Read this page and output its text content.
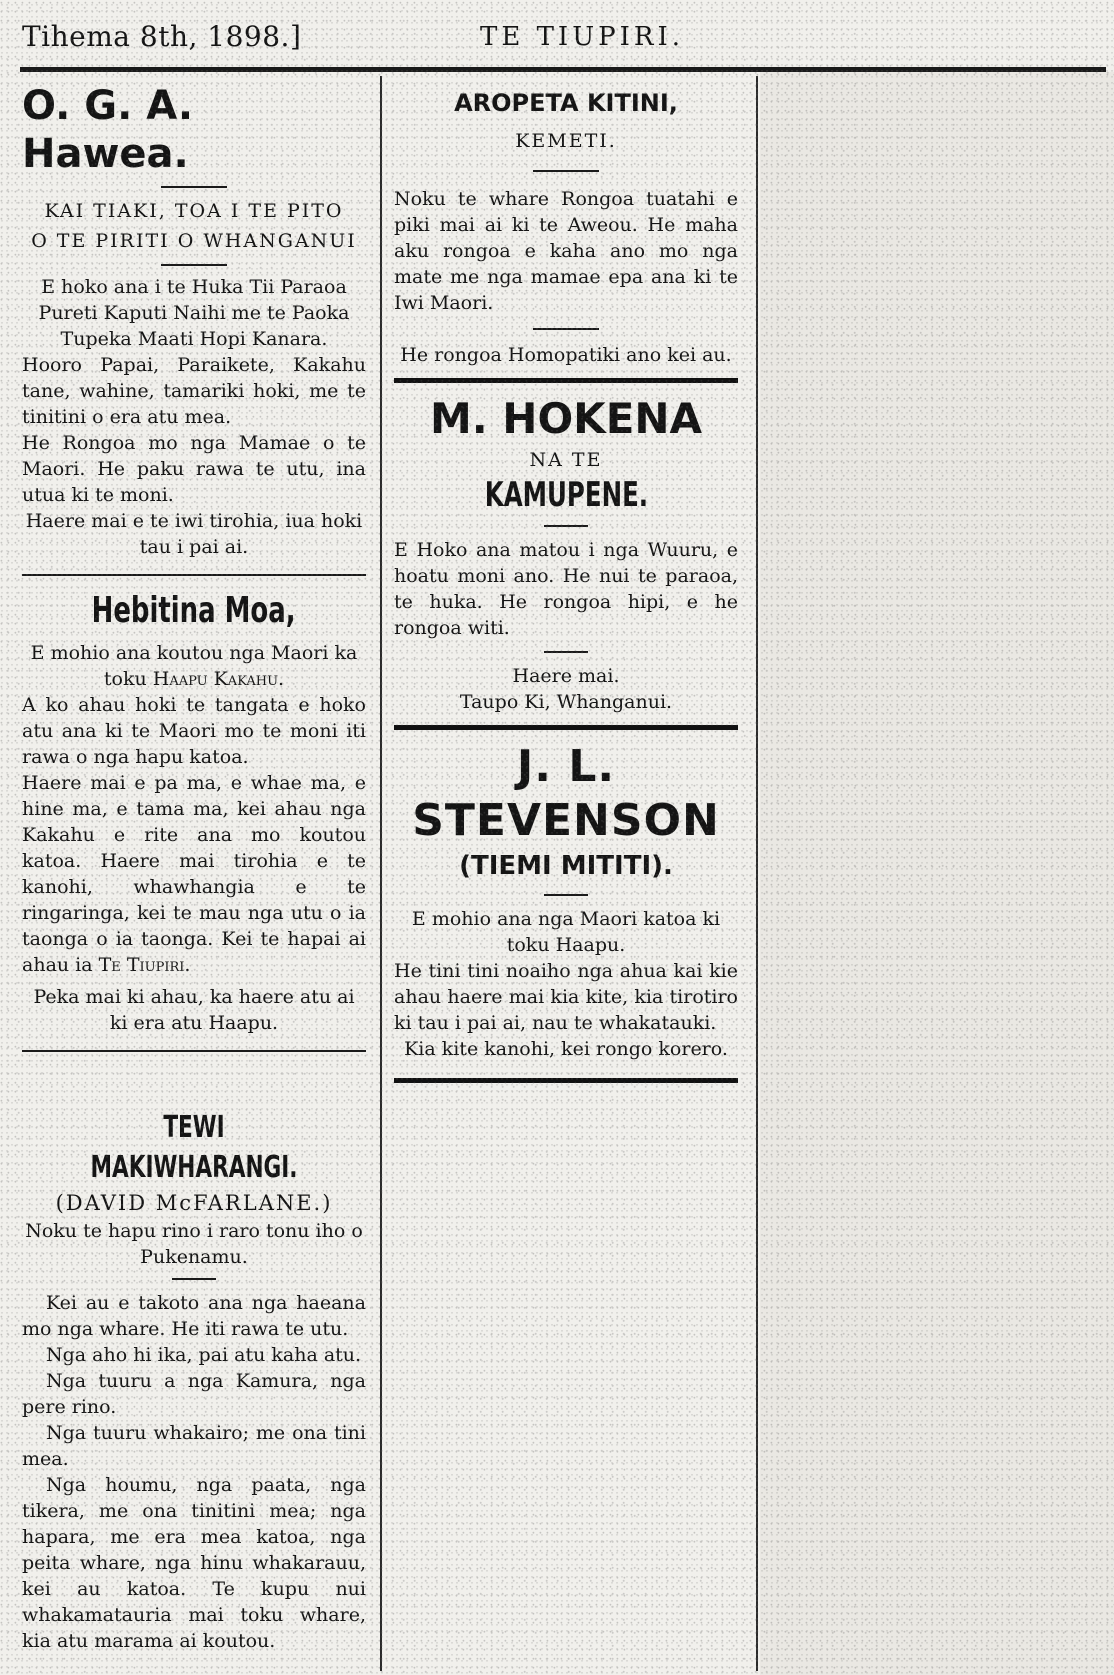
Tihema 8th, 1898.]	TE TIUPIRI.
O. G. A. Hawea.

KAI TIAKI, TOA I TE PITO

O TE PIRITI O WHANGANUI

E hoko ana i te Huka Tii Paraoa Pureti Kaputi Naihi me te Paoka Tupeka Maati Hopi Kanara.

Hooro Papai, Paraikete, Kakahu tane, wahine, tamariki hoki, me te tinitini o era atu mea.

He Rongoa mo nga Mamae o te Maori. He paku rawa te utu, ina utua ki te moni.

Haere mai e te iwi tirohia, iua hoki tau i pai ai.

Hebitina Moa,

E mohio ana koutou nga Maori ka toku Haapu Kakahu.

A ko ahau hoki te tangata e hoko atu ana ki te Maori mo te moni iti rawa o nga hapu katoa.

Haere mai e pa ma, e whae ma, e hine ma, e tama ma, kei ahau nga Kakahu e rite ana mo koutou katoa. Haere mai tirohia e te kanohi, whawhangia e te ringaringa, kei te mau nga utu o ia taonga o ia taonga. Kei te hapai ai ahau ia Te Tiupiri.

Peka mai ki ahau, ka haere atu ai ki era atu Haapu.

TEWI MAKIWHARANGI.

(DAVID McFARLANE.)

Noku te hapu rino i raro tonu iho o Pukenamu.

Kei au e takoto ana nga haeana mo nga whare. He iti rawa te utu.

Nga aho hi ika, pai atu kaha atu.

Nga tuuru a nga Kamura, nga pere rino.

Nga tuuru whakairo; me ona tini mea.

Nga houmu, nga paata, nga tikera, me ona tinitini mea; nga hapara, me era mea katoa, nga peita whare, nga hinu whakarauu, kei au katoa. Te kupu nui whakamatauria mai toku whare, kia atu marama ai koutou.

AROPETA KITINI,

KEMETI.

Noku te whare Rongoa tuatahi e piki mai ai ki te Aweou. He maha aku rongoa e kaha ano mo nga mate me nga mamae epa ana ki te Iwi Maori.

He rongoa Homopatiki ano kei au.

M. HOKENA

NA TE

KAMUPENE.

E Hoko ana matou i nga Wuuru, e hoatu moni ano. He nui te paraoa, te huka. He rongoa hipi, e he rongoa witi.

Haere mai.

Taupo Ki, Whanganui.

J. L. STEVENSON
(TIEMI MITITI).

E mohio ana nga Maori katoa ki toku Haapu.

He tini tini noaiho nga ahua kai kie ahau haere mai kia kite, kia tirotiro ki tau i pai ai, nau te whakatauki.

Kia kite kanohi, kei rongo korero.
